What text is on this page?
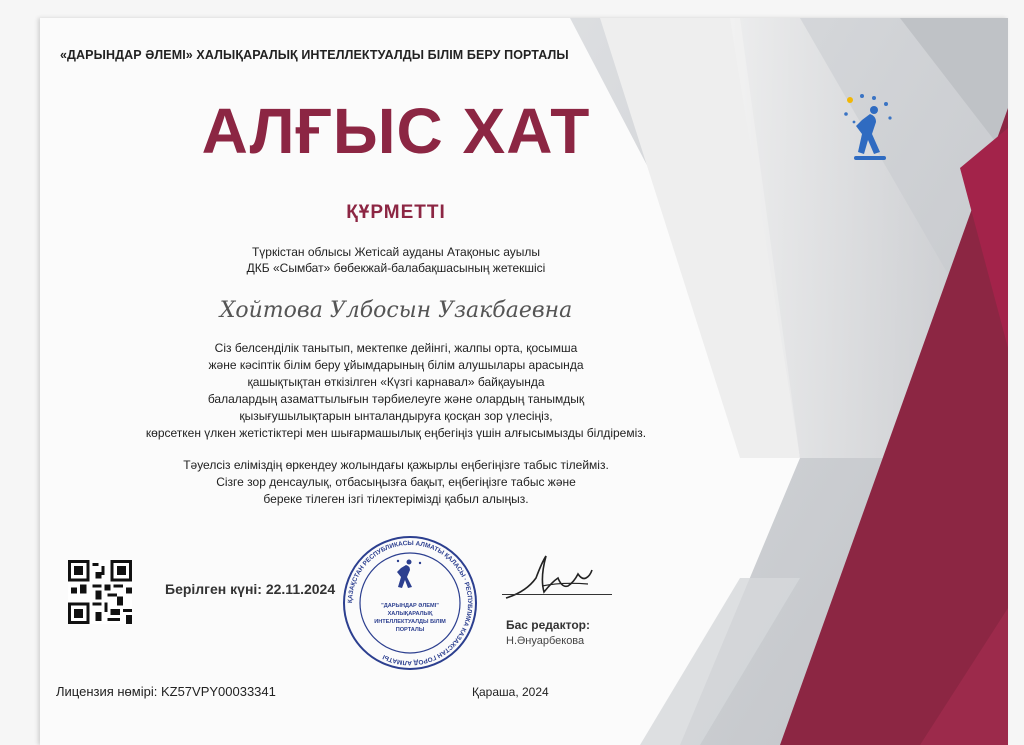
«ДАРЫНДАР ӘЛЕМІ» ХАЛЫҚАРАЛЫҚ ИНТЕЛЛЕКТУАЛДЫ БІЛІМ БЕРУ ПОРТАЛЫ
АЛҒЫС ХАТ
ҚҰРМЕТТІ
Түркістан облысы Жетісай ауданы Атақоныс ауылы
ДКБ «Сымбат» бөбекжай-балабақшасының жетекшісі
Хойтова Улбосын Узакбаевна
Сіз белсенділік танытып, мектепке дейінгі, жалпы орта, қосымша
және кәсіптік білім беру ұйымдарының білім алушылары арасында
қашықтықтан өткізілген «Күзгі карнавал» байқауында
балалардың азаматтылығын тәрбиелеуге және олардың танымдық
қызығушылықтарын ынталандыруға қосқан зор үлесіңіз,
көрсеткен үлкен жетістіктері мен шығармашылық еңбегіңіз үшін алғысымызды білдіреміз.
Тәуелсіз еліміздің өркендеу жолындағы қажырлы еңбегіңізге табыс тілейміз.
Сізге зор денсаулық, отбасыңызға бақыт, еңбегіңізге табыс және
береке тілеген ізгі тілектерімізді қабыл алыңыз.
Берілген күні: 22.11.2024
ҚАЗАҚСТАН РЕСПУБЛИКАСЫ АЛМАТЫ ҚАЛАСЫ · РЕСПУБЛИКА КАЗАХСТАН ГОРОД АЛМАТЫ
"ДАРЫНДАР ӘЛЕМІ"
ХАЛЫҚАРАЛЫҚ
ИНТЕЛЛЕКТУАЛДЫ БІЛІМ
ПОРТАЛЫ	Бас редактор:
Н.Әнуарбекова
Лицензия нөмірі: KZ57VPY00033341	Қараша, 2024
